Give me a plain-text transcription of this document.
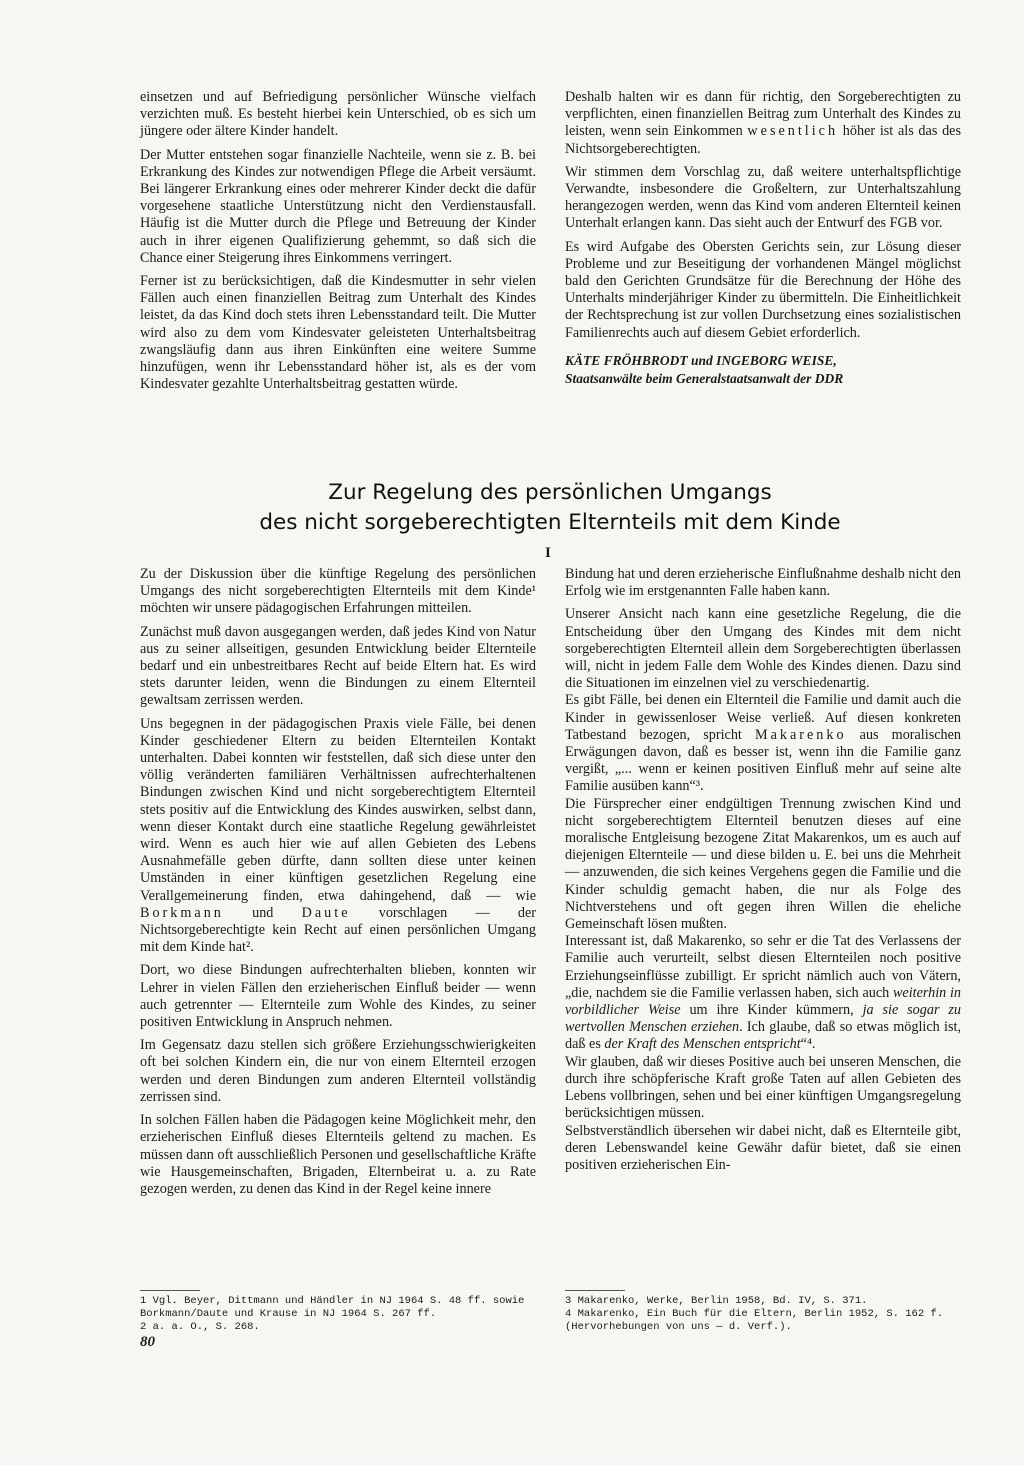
einsetzen und auf Befriedigung persönlicher Wünsche vielfach verzichten muß. Es besteht hierbei kein Unterschied, ob es sich um jüngere oder ältere Kinder handelt.

Der Mutter entstehen sogar finanzielle Nachteile, wenn sie z. B. bei Erkrankung des Kindes zur notwendigen Pflege die Arbeit versäumt. Bei längerer Erkrankung eines oder mehrerer Kinder deckt die dafür vorgesehene staatliche Unterstützung nicht den Verdienstausfall. Häufig ist die Mutter durch die Pflege und Betreuung der Kinder auch in ihrer eigenen Qualifizierung gehemmt, so daß sich die Chance einer Steigerung ihres Einkommens verringert.

Ferner ist zu berücksichtigen, daß die Kindesmutter in sehr vielen Fällen auch einen finanziellen Beitrag zum Unterhalt des Kindes leistet, da das Kind doch stets ihren Lebensstandard teilt. Die Mutter wird also zu dem vom Kindesvater geleisteten Unterhaltsbeitrag zwangsläufig dann aus ihren Einkünften eine weitere Summe hinzufügen, wenn ihr Lebensstandard höher ist, als es der vom Kindesvater gezahlte Unterhaltsbeitrag gestatten würde.

Deshalb halten wir es dann für richtig, den Sorgeberechtigten zu verpflichten, einen finanziellen Beitrag zum Unterhalt des Kindes zu leisten, wenn sein Einkommen wesentlich höher ist als das des Nichtsorgeberechtigten.

Wir stimmen dem Vorschlag zu, daß weitere unterhaltspflichtige Verwandte, insbesondere die Großeltern, zur Unterhaltszahlung herangezogen werden, wenn das Kind vom anderen Elternteil keinen Unterhalt erlangen kann. Das sieht auch der Entwurf des FGB vor.

Es wird Aufgabe des Obersten Gerichts sein, zur Lösung dieser Probleme und zur Beseitigung der vorhandenen Mängel möglichst bald den Gerichten Grundsätze für die Berechnung der Höhe des Unterhalts minderjähriger Kinder zu übermitteln. Die Einheitlichkeit der Rechtsprechung ist zur vollen Durchsetzung eines sozialistischen Familienrechts auch auf diesem Gebiet erforderlich.

KÄTE FRÖHBRODT und INGEBORG WEISE,
Staatsanwälte beim Generalstaatsanwalt der DDR
Zur Regelung des persönlichen Umgangs
des nicht sorgeberechtigten Elternteils mit dem Kinde
I

Zu der Diskussion über die künftige Regelung des persönlichen Umgangs des nicht sorgeberechtigten Elternteils mit dem Kinde¹ möchten wir unsere pädagogischen Erfahrungen mitteilen.

Zunächst muß davon ausgegangen werden, daß jedes Kind von Natur aus zu seiner allseitigen, gesunden Entwicklung beider Elternteile bedarf und ein unbestreitbares Recht auf beide Eltern hat. Es wird stets darunter leiden, wenn die Bindungen zu einem Elternteil gewaltsam zerrissen werden.

Uns begegnen in der pädagogischen Praxis viele Fälle, bei denen Kinder geschiedener Eltern zu beiden Elternteilen Kontakt unterhalten. Dabei konnten wir feststellen, daß sich diese unter den völlig veränderten familiären Verhältnissen aufrechterhaltenen Bindungen zwischen Kind und nicht sorgeberechtigtem Elternteil stets positiv auf die Entwicklung des Kindes auswirken, selbst dann, wenn dieser Kontakt durch eine staatliche Regelung gewährleistet wird. Wenn es auch hier wie auf allen Gebieten des Lebens Ausnahmefälle geben dürfte, dann sollten diese unter keinen Umständen in einer künftigen gesetzlichen Regelung eine Verallgemeinerung finden, etwa dahingehend, daß — wie Borkmann und Daute vorschlagen — der Nichtsorgeberechtigte kein Recht auf einen persönlichen Umgang mit dem Kinde hat².

Dort, wo diese Bindungen aufrechterhalten blieben, konnten wir Lehrer in vielen Fällen den erzieherischen Einfluß beider — wenn auch getrennter — Elternteile zum Wohle des Kindes, zu seiner positiven Entwicklung in Anspruch nehmen.

Im Gegensatz dazu stellen sich größere Erziehungsschwierigkeiten oft bei solchen Kindern ein, die nur von einem Elternteil erzogen werden und deren Bindungen zum anderen Elternteil vollständig zerrissen sind.

In solchen Fällen haben die Pädagogen keine Möglichkeit mehr, den erzieherischen Einfluß dieses Elternteils geltend zu machen. Es müssen dann oft ausschließlich Personen und gesellschaftliche Kräfte wie Hausgemeinschaften, Brigaden, Elternbeirat u. a. zu Rate gezogen werden, zu denen das Kind in der Regel keine innere

Bindung hat und deren erzieherische Einflußnahme deshalb nicht den Erfolg wie im erstgenannten Falle haben kann.

Unserer Ansicht nach kann eine gesetzliche Regelung, die die Entscheidung über den Umgang des Kindes mit dem nicht sorgeberechtigten Elternteil allein dem Sorgeberechtigten überlassen will, nicht in jedem Falle dem Wohle des Kindes dienen. Dazu sind die Situationen im einzelnen viel zu verschiedenartig.

Es gibt Fälle, bei denen ein Elternteil die Familie und damit auch die Kinder in gewissenloser Weise verließ. Auf diesen konkreten Tatbestand bezogen, spricht Makarenko aus moralischen Erwägungen davon, daß es besser ist, wenn ihn die Familie ganz vergißt, „... wenn er keinen positiven Einfluß mehr auf seine alte Familie ausüben kann“³.

Die Fürsprecher einer endgültigen Trennung zwischen Kind und nicht sorgeberechtigtem Elternteil benutzen dieses auf eine moralische Entgleisung bezogene Zitat Makarenkos, um es auch auf diejenigen Elternteile — und diese bilden u. E. bei uns die Mehrheit — anzuwenden, die sich keines Vergehens gegen die Familie und die Kinder schuldig gemacht haben, die nur als Folge des Nichtverstehens und oft gegen ihren Willen die eheliche Gemeinschaft lösen mußten.

Interessant ist, daß Makarenko, so sehr er die Tat des Verlassens der Familie auch verurteilt, selbst diesen Elternteilen noch positive Erziehungseinflüsse zubilligt. Er spricht nämlich auch von Vätern, „die, nachdem sie die Familie verlassen haben, sich auch weiterhin in vorbildlicher Weise um ihre Kinder kümmern, ja sie sogar zu wertvollen Menschen erziehen. Ich glaube, daß so etwas möglich ist, daß es der Kraft des Menschen entspricht“⁴.

Wir glauben, daß wir dieses Positive auch bei unseren Menschen, die durch ihre schöpferische Kraft große Taten auf allen Gebieten des Lebens vollbringen, sehen und bei einer künftigen Umgangsregelung berücksichtigen müssen.

Selbstverständlich übersehen wir dabei nicht, daß es Elternteile gibt, deren Lebenswandel keine Gewähr dafür bietet, daß sie einen positiven erzieherischen Ein-

1 Vgl. Beyer, Dittmann und Händler in NJ 1964 S. 48 ff. sowie Borkmann/Daute und Krause in NJ 1964 S. 267 ff.
2 a. a. O., S. 268.
3 Makarenko, Werke, Berlin 1958, Bd. IV, S. 371.
4 Makarenko, Ein Buch für die Eltern, Berlin 1952, S. 162 f. (Hervorhebungen von uns — d. Verf.).
80
